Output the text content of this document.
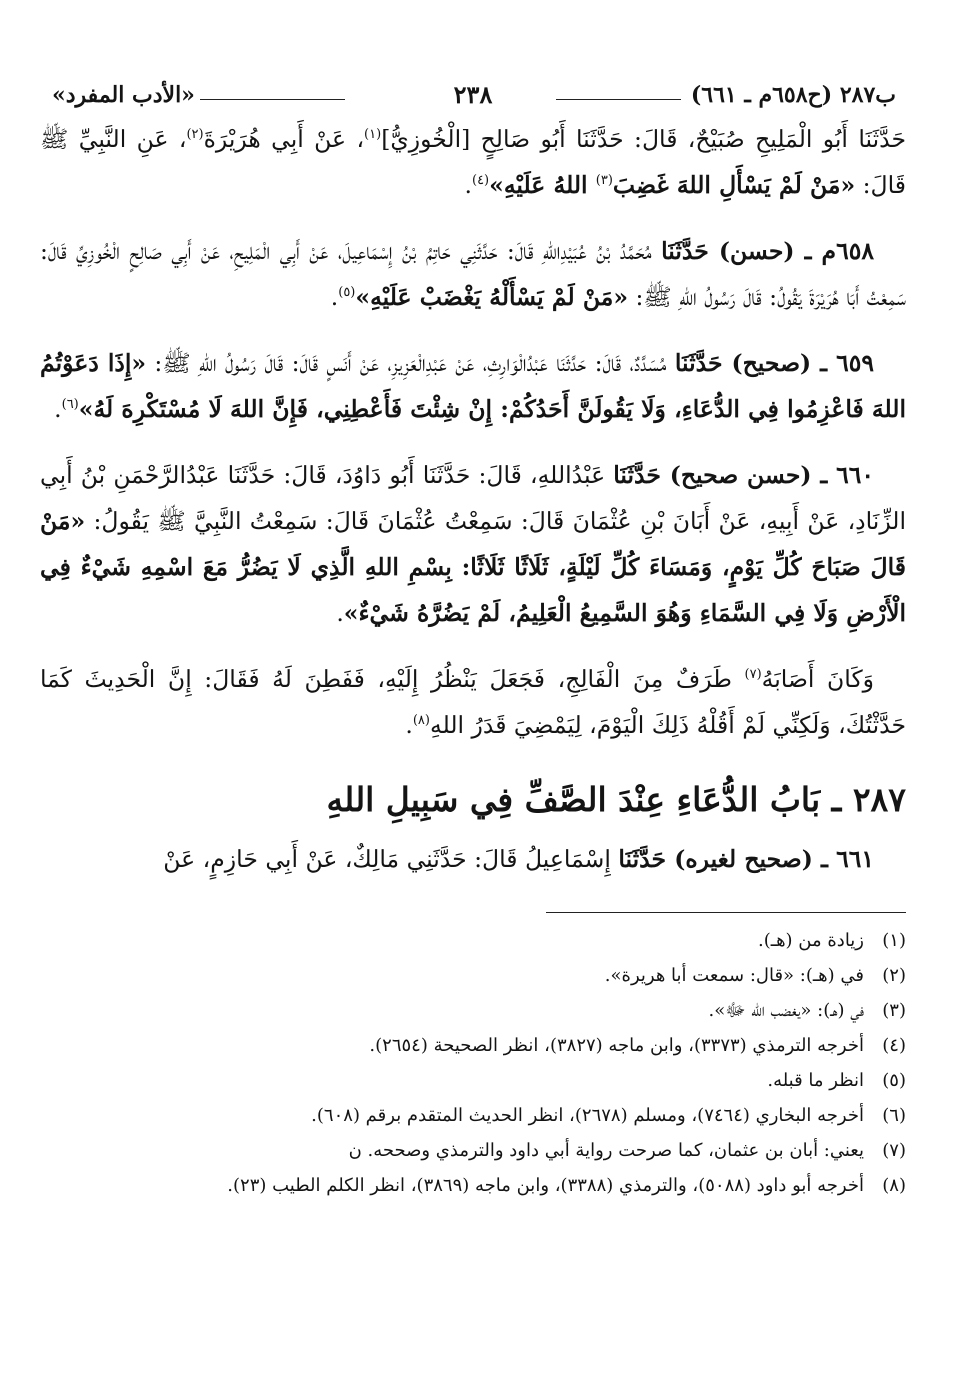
ب٢٨٧ (ح٦٥٨م ـ ٦٦١)
٢٣٨
«الأدب المفرد»

حَدَّثَنَا أَبُو الْمَلِيحِ صُبَيْحٌ، قَالَ: حَدَّثَنَا أَبُو صَالِحٍ [الْخُوزِيُّ]$^{(١)}$، عَنْ أَبِي هُرَيْرَةَ$^{(٢)}$، عَنِ النَّبِيِّ ﷺ قَالَ: «مَنْ لَمْ يَسْأَلِ اللهَ غَضِبَ$^{(٣)}$ اللهُ عَلَيْهِ»$^{(٤)}$.

٦٥٨م ـ (حسن) حَدَّثَنَا مُحَمَّدُ بْنُ عُبَيْدِاللهِ قَالَ: حَدَّثَنِي حَاتِمُ بْنُ إِسْمَاعِيلَ، عَنْ أَبِي الْمَلِيحِ، عَنْ أَبِي صَالِحٍ الْخُوزِيِّ قَالَ: سَمِعْتُ أَبَا هُرَيْرَةَ يَقُولُ: قَالَ رَسُولُ اللهِ ﷺ: «مَنْ لَمْ يَسْأَلْهُ يَغْضَبْ عَلَيْهِ»$^{(٥)}$.

٦٥٩ ـ (صحيح) حَدَّثَنَا مُسَدَّدٌ، قَالَ: حَدَّثَنَا عَبْدُالْوَارِثِ، عَنْ عَبْدِالْعَزِيزِ، عَنْ أَنَسٍ قَالَ: قَالَ رَسُولُ اللهِ ﷺ: «إِذَا دَعَوْتُمُ اللهَ فَاعْزِمُوا فِي الدُّعَاءِ، وَلَا يَقُولَنَّ أَحَدُكُمْ: إِنْ شِئْتَ فَأَعْطِنِي، فَإِنَّ اللهَ لَا مُسْتَكْرِهَ لَهُ»$^{(٦)}$.

٦٦٠ ـ (حسن صحيح) حَدَّثَنَا عَبْدُاللهِ، قَالَ: حَدَّثَنَا أَبُو دَاوُدَ، قَالَ: حَدَّثَنَا عَبْدُالرَّحْمَنِ بْنُ أَبِي الزِّنَادِ، عَنْ أَبِيهِ، عَنْ أَبَانَ بْنِ عُثْمَانَ قَالَ: سَمِعْتُ عُثْمَانَ قَالَ: سَمِعْتُ النَّبِيَّ ﷺ يَقُولُ: «مَنْ قَالَ صَبَاحَ كُلِّ يَوْمٍ، وَمَسَاءَ كُلِّ لَيْلَةٍ، ثَلَاثًا ثَلَاثًا: بِسْمِ اللهِ الَّذِي لَا يَضُرُّ مَعَ اسْمِهِ شَيْءٌ فِي الْأَرْضِ وَلَا فِي السَّمَاءِ وَهُوَ السَّمِيعُ الْعَلِيمُ، لَمْ يَضُرَّهُ شَيْءٌ».

وَكَانَ أَصَابَهُ$^{(٧)}$ طَرَفٌ مِنَ الْفَالِجِ، فَجَعَلَ يَنْظُرُ إِلَيْهِ، فَفَطِنَ لَهُ فَقَالَ: إِنَّ الْحَدِيثَ كَمَا حَدَّثْتُكَ، وَلَكِنِّي لَمْ أَقُلْهُ ذَلِكَ الْيَوْمَ، لِيَمْضِيَ قَدَرُ اللهِ$^{(٨)}$.

٢٨٧ ـ بَابُ الدُّعَاءِ عِنْدَ الصَّفِّ فِي سَبِيلِ اللهِ

٦٦١ ـ (صحيح لغيره) حَدَّثَنَا إِسْمَاعِيلُ قَالَ: حَدَّثَنِي مَالِكٌ، عَنْ أَبِي حَازِمٍ، عَنْ

(١)
زيادة من (هـ).
(٢)
في (هـ): «قال: سمعت أبا هريرة».
(٣)
في (هـ): «يغضب الله ﷻ».
(٤)
أخرجه الترمذي (٣٣٧٣)، وابن ماجه (٣٨٢٧)، انظر الصحيحة (٢٦٥٤).
(٥)
انظر ما قبله.
(٦)
أخرجه البخاري (٧٤٦٤)، ومسلم (٢٦٧٨)، انظر الحديث المتقدم برقم (٦٠٨).
(٧)
يعني: أبان بن عثمان، كما صرحت رواية أبي داود والترمذي وصححه. ن
(٨)
أخرجه أبو داود (٥٠٨٨)، والترمذي (٣٣٨٨)، وابن ماجه (٣٨٦٩)، انظر الكلم الطيب (٢٣).
